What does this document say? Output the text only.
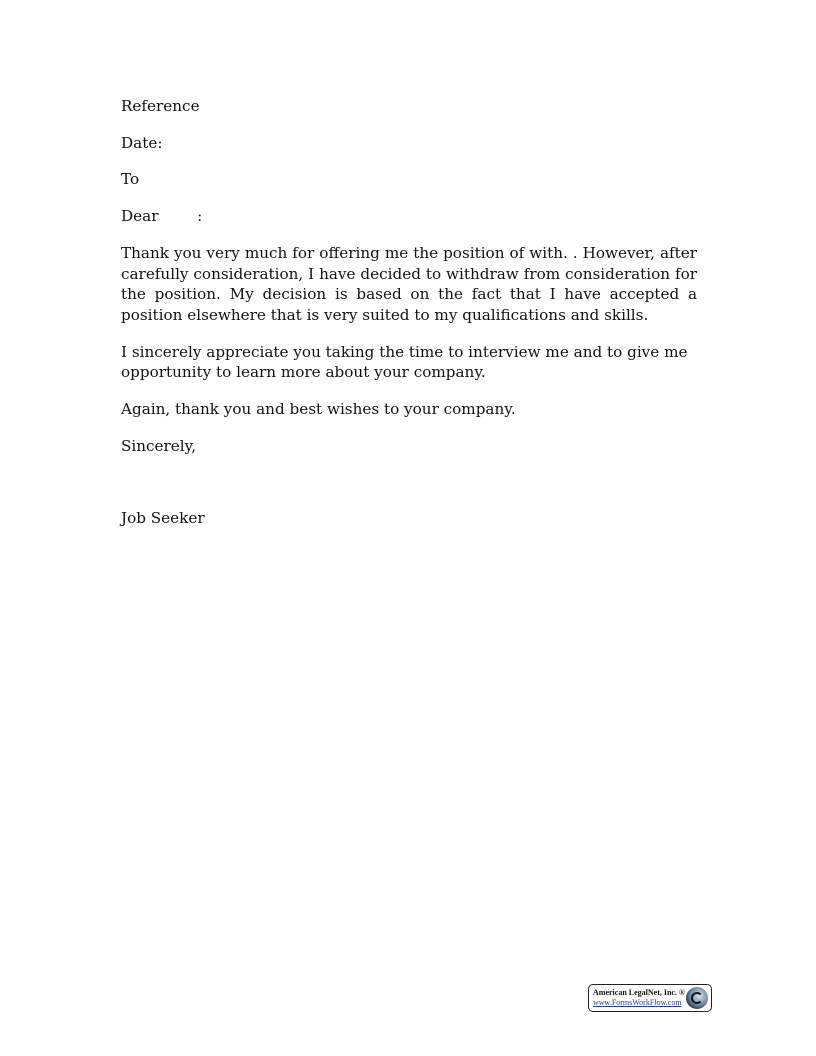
Reference
Date:
To
Dear        :

Thank you very much for offering me the position of with. . However, after carefully consideration, I have decided to withdraw from consideration for the position. My decision is based on the fact that I have accepted a position elsewhere that is very suited to my qualifications and skills.

I sincerely appreciate you taking the time to interview me and to give me opportunity to learn more about your company.

Again, thank you and best wishes to your company.

Sincerely,
Job Seeker
American LegalNet, Inc. ®
www.FormsWorkFlow.com
